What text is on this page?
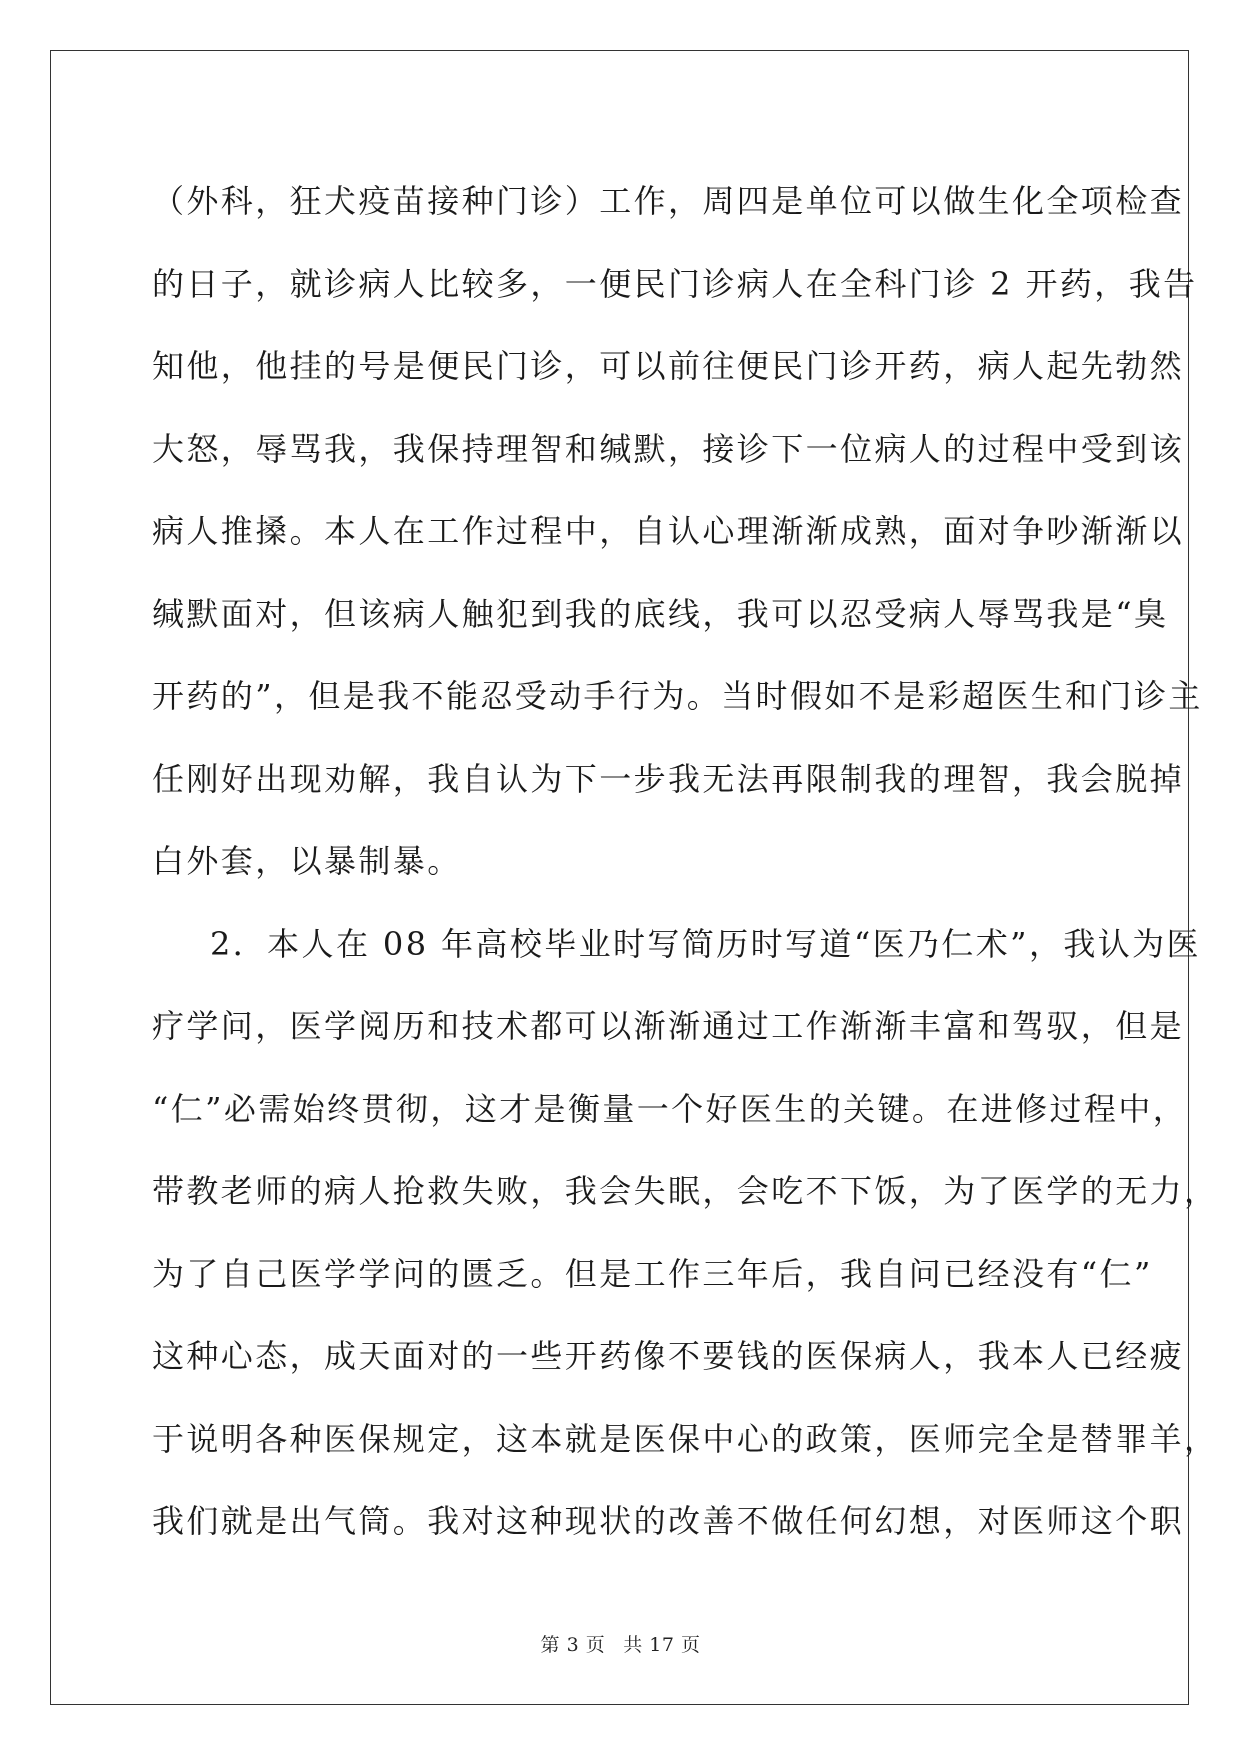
（外科，狂犬疫苗接种门诊）工作，周四是单位可以做生化全项检查
的日子，就诊病人比较多，一便民门诊病人在全科门诊 2 开药，我告
知他，他挂的号是便民门诊，可以前往便民门诊开药，病人起先勃然
大怒，辱骂我，我保持理智和缄默，接诊下一位病人的过程中受到该
病人推搡。本人在工作过程中，自认心理渐渐成熟，面对争吵渐渐以
缄默面对，但该病人触犯到我的底线，我可以忍受病人辱骂我是“臭
开药的”，但是我不能忍受动手行为。当时假如不是彩超医生和门诊主
任刚好出现劝解，我自认为下一步我无法再限制我的理智，我会脱掉
白外套，以暴制暴。
2．本人在 08 年高校毕业时写简历时写道“医乃仁术”，我认为医
疗学问，医学阅历和技术都可以渐渐通过工作渐渐丰富和驾驭，但是
“仁”必需始终贯彻，这才是衡量一个好医生的关键。在进修过程中，
带教老师的病人抢救失败，我会失眠，会吃不下饭，为了医学的无力，
为了自己医学学问的匮乏。但是工作三年后，我自问已经没有“仁”
这种心态，成天面对的一些开药像不要钱的医保病人，我本人已经疲
于说明各种医保规定，这本就是医保中心的政策，医师完全是替罪羊，
我们就是出气筒。我对这种现状的改善不做任何幻想，对医师这个职
第 3 页 共 17 页
